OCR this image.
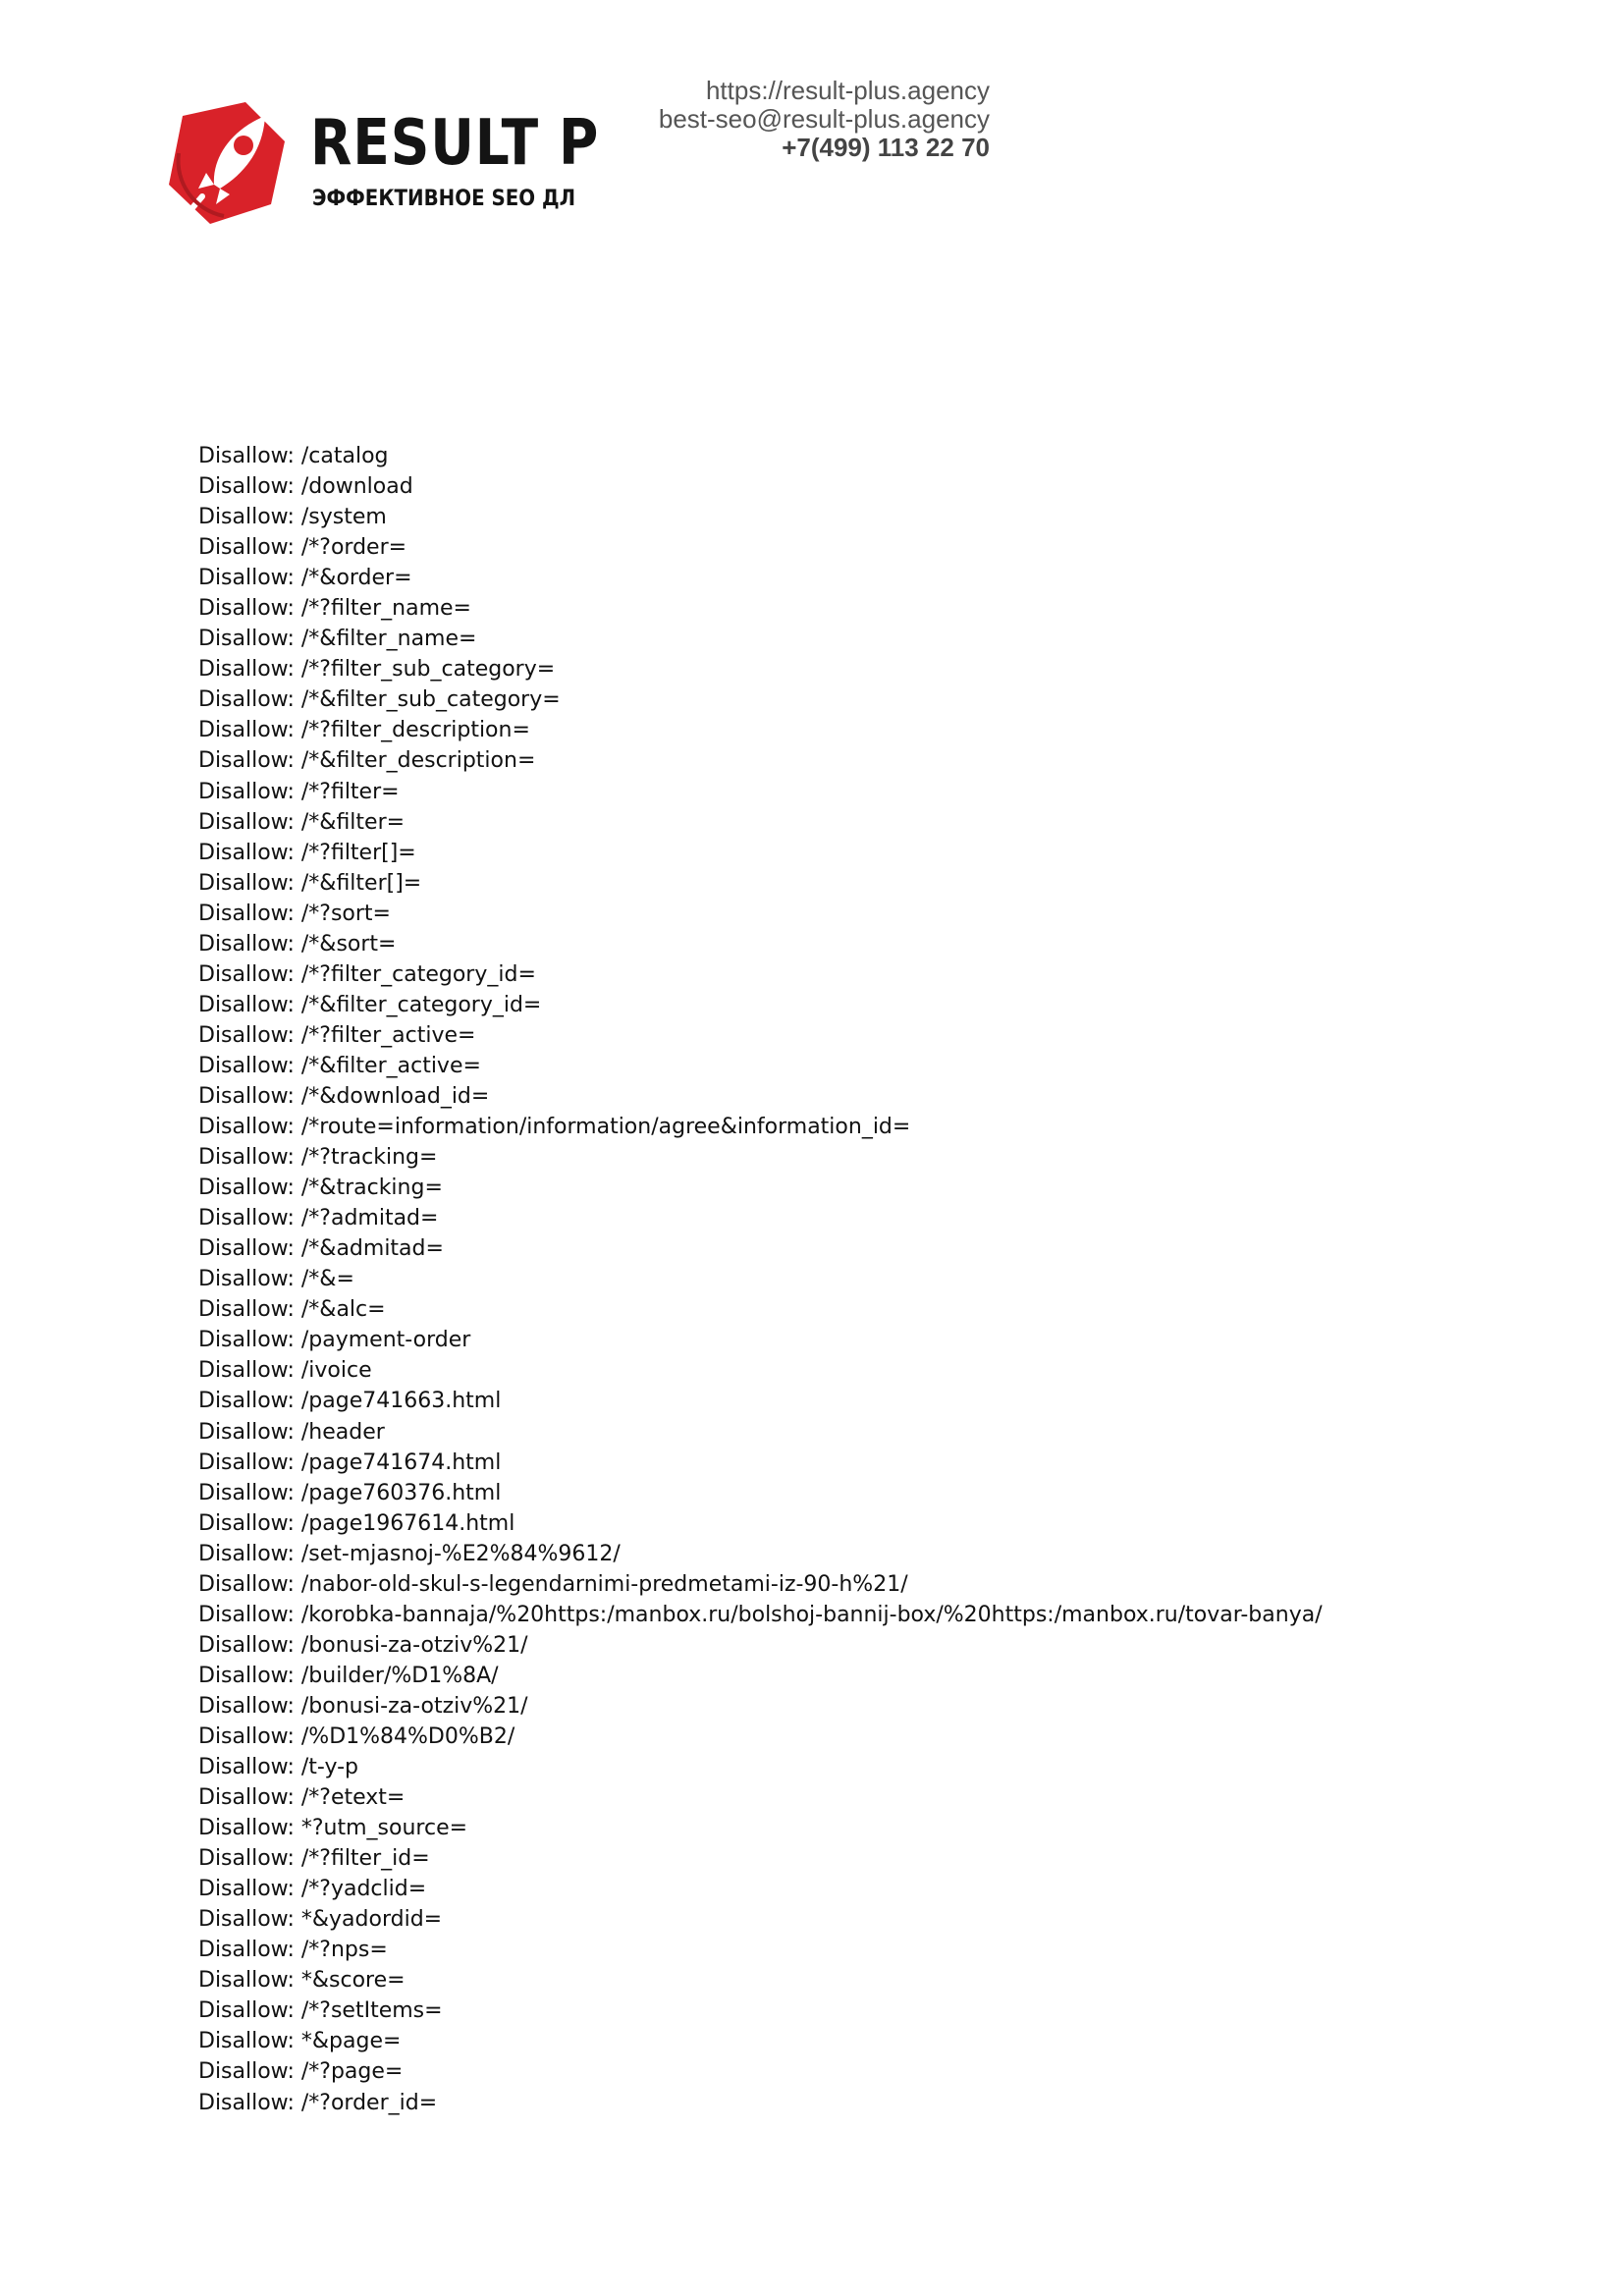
RESULT P
ЭФФЕКТИВНОЕ SEO ДЛ
https://result-plus.agency
best-seo@result-plus.agency
+7(499) 113 22 70
Disallow: /catalog
Disallow: /download
Disallow: /system
Disallow: /*?order=
Disallow: /*&order=
Disallow: /*?filter_name=
Disallow: /*&filter_name=
Disallow: /*?filter_sub_category=
Disallow: /*&filter_sub_category=
Disallow: /*?filter_description=
Disallow: /*&filter_description=
Disallow: /*?filter=
Disallow: /*&filter=
Disallow: /*?filter[]=
Disallow: /*&filter[]=
Disallow: /*?sort=
Disallow: /*&sort=
Disallow: /*?filter_category_id=
Disallow: /*&filter_category_id=
Disallow: /*?filter_active=
Disallow: /*&filter_active=
Disallow: /*&download_id=
Disallow: /*route=information/information/agree&information_id=
Disallow: /*?tracking=
Disallow: /*&tracking=
Disallow: /*?admitad=
Disallow: /*&admitad=
Disallow: /*&=
Disallow: /*&alc=
Disallow: /payment-order
Disallow: /ivoice
Disallow: /page741663.html
Disallow: /header
Disallow: /page741674.html
Disallow: /page760376.html
Disallow: /page1967614.html
Disallow: /set-mjasnoj-%E2%84%9612/
Disallow: /nabor-old-skul-s-legendarnimi-predmetami-iz-90-h%21/
Disallow: /korobka-bannaja/%20https:/manbox.ru/bolshoj-bannij-box/%20https:/manbox.ru/tovar-banya/
Disallow: /bonusi-za-otziv%21/
Disallow: /builder/%D1%8A/
Disallow: /bonusi-za-otziv%21/
Disallow: /%D1%84%D0%B2/
Disallow: /t-y-p
Disallow: /*?etext=
Disallow: *?utm_source=
Disallow: /*?filter_id=
Disallow: /*?yadclid=
Disallow: *&yadordid=
Disallow: /*?nps=
Disallow: *&score=
Disallow: /*?setItems=
Disallow: *&page=
Disallow: /*?page=
Disallow: /*?order_id=
